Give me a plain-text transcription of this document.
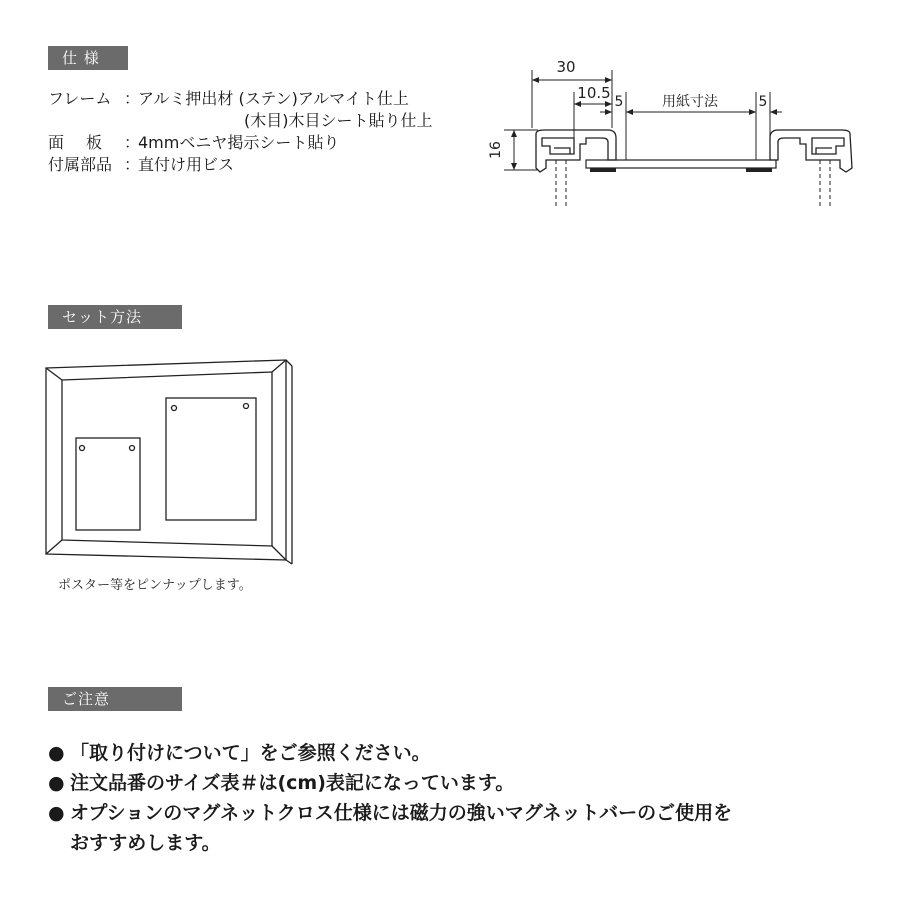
仕 様
フレーム ：アルミ押出材 (ステン)アルマイト仕上
(木目)木目シート貼り仕上
面 板 ：4mmベニヤ掲示シート貼り
付属部品 ：直付け用ビス
30
10.5 5	用紙寸法	5
16
セット方法
ポスター等をピンナップします。
ご注意
● 「取り付けについて」をご参照ください。
● 注文品番のサイズ表＃は(cm)表記になっています。
● オプションのマグネットクロス仕様には磁力の強いマグネットバーのご使用を
おすすめします。
